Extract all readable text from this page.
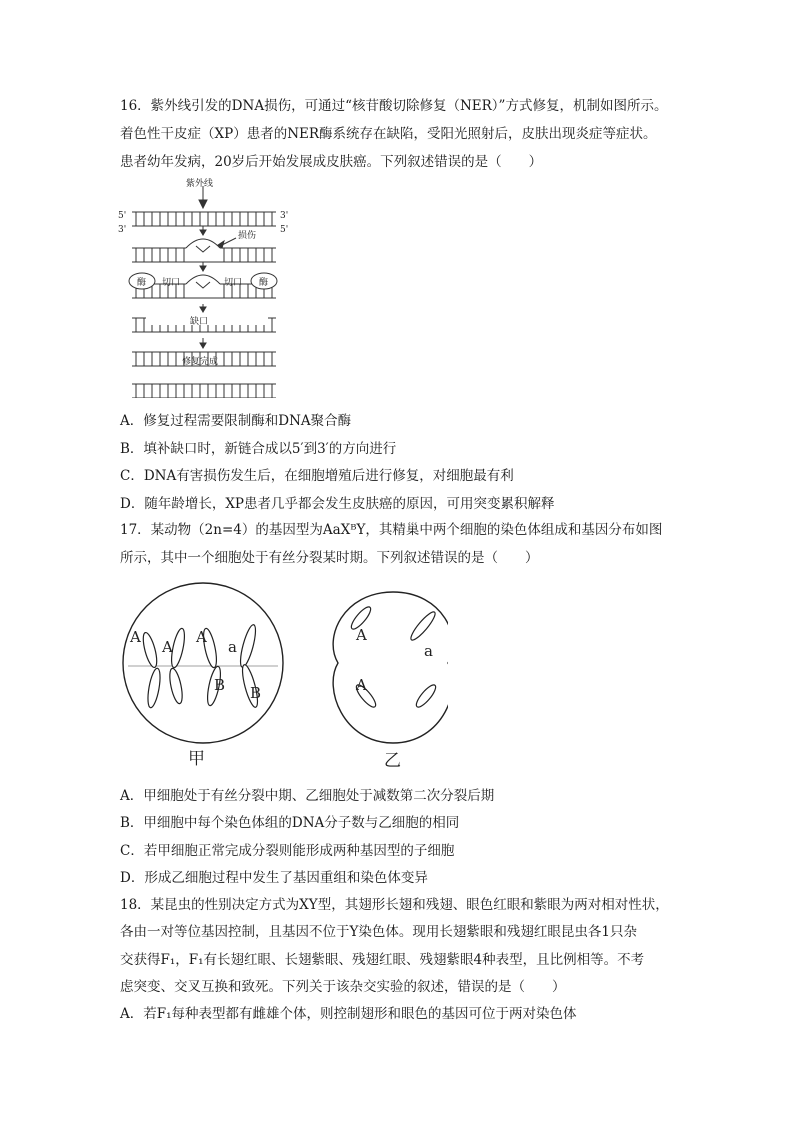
16．紫外线引发的DNA损伤，可通过“核苷酸切除修复（NER）”方式修复，机制如图所示。
着色性干皮症（XP）患者的NER酶系统存在缺陷，受阳光照射后，皮肤出现炎症等症状。
患者幼年发病，20岁后开始发展成皮肤癌。下列叙述错误的是（　　）
5'
3'
3'
5'
紫外线
损伤
酶	酶
切口	切口
缺口
修复完成
A．修复过程需要限制酶和DNA聚合酶
B．填补缺口时，新链合成以5′到3′的方向进行
C．DNA有害损伤发生后，在细胞增殖后进行修复，对细胞最有利
D．随年龄增长，XP患者几乎都会发生皮肤癌的原因，可用突变累积解释
17．某动物（2n=4）的基因型为AaXᴮY，其精巢中两个细胞的染色体组成和基因分布如图
所示，其中一个细胞处于有丝分裂某时期。下列叙述错误的是（　　）
A
A
A
a
B B
甲
A
a
A
乙
A．甲细胞处于有丝分裂中期、乙细胞处于减数第二次分裂后期
B．甲细胞中每个染色体组的DNA分子数与乙细胞的相同
C．若甲细胞正常完成分裂则能形成两种基因型的子细胞
D．形成乙细胞过程中发生了基因重组和染色体变异
18．某昆虫的性别决定方式为XY型，其翅形长翅和残翅、眼色红眼和紫眼为两对相对性状，
各由一对等位基因控制，且基因不位于Y染色体。现用长翅紫眼和残翅红眼昆虫各1只杂
交获得F₁，F₁有长翅红眼、长翅紫眼、残翅红眼、残翅紫眼4种表型，且比例相等。不考
虑突变、交叉互换和致死。下列关于该杂交实验的叙述，错误的是（　　）
A．若F₁每种表型都有雌雄个体，则控制翅形和眼色的基因可位于两对染色体
